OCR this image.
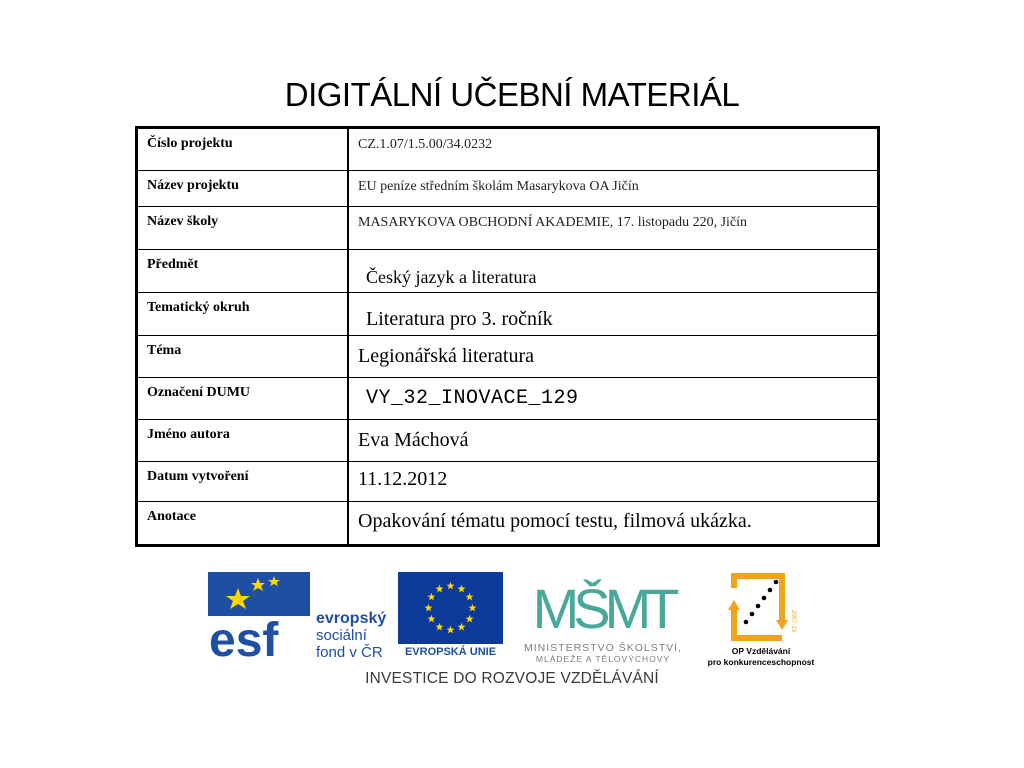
DIGITÁLNÍ UČEBNÍ MATERIÁL
Číslo projektu	CZ.1.07/1.5.00/34.0232

Název projektu	EU peníze středním školám Masarykova OA Jičín

Název školy	MASARYKOVA OBCHODNÍ AKADEMIE, 17. listopadu 220, Jičín

Předmět	Český jazyk a literatura

Tematický okruh	Literatura pro 3. ročník

Téma	Legionářská literatura

Označení DUMU	VY_32_INOVACE_129

Jméno autora	Eva Máchová

Datum vytvoření	11.12.2012

Anotace	Opakování tématu pomocí testu, filmová ukázka.
esf evropský
sociální
fond v ČR	EVROPSKÁ UNIE
MŠMT
MINISTERSTVO ŠKOLSTVÍ,
MLÁDEŽE A TĚLOVÝCHOVY
2007-13
OP Vzdělávání
pro konkurenceschopnost
INVESTICE DO ROZVOJE VZDĚLÁVÁNÍ
